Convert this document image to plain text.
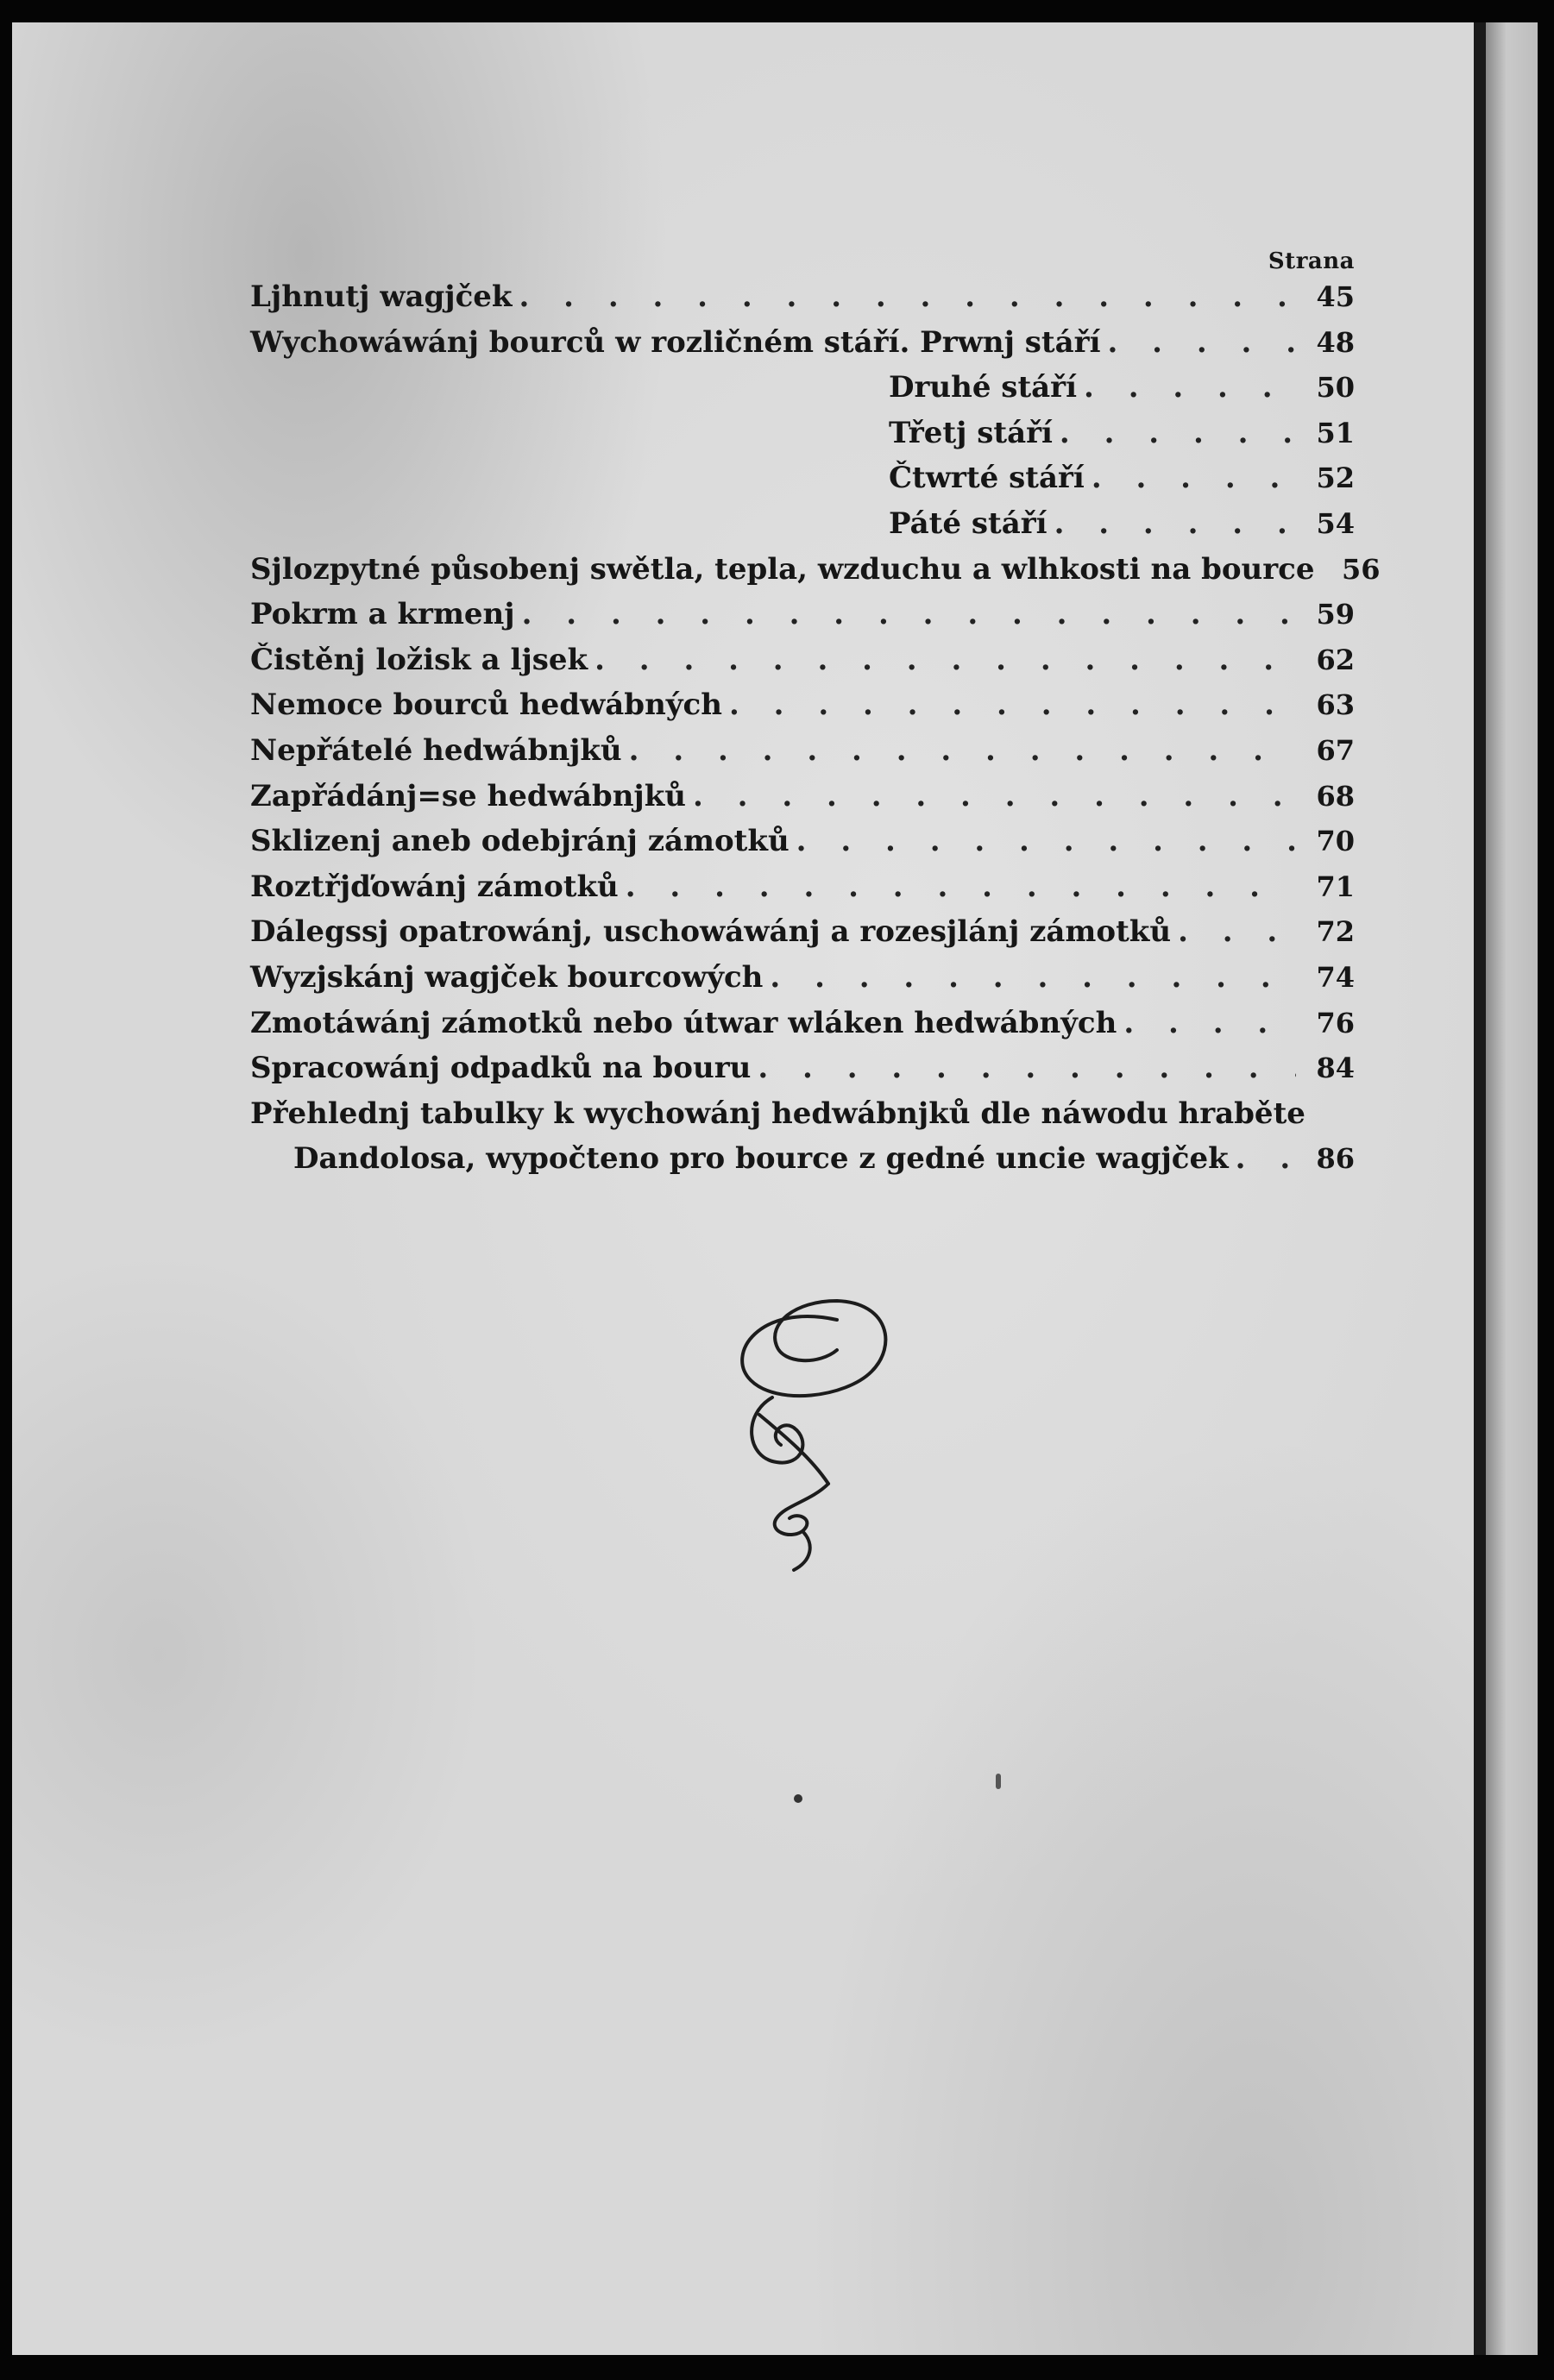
Strana
Ljhnutj wagjček . . .	45
Wychowáwánj bourců w rozličném stáří. Prwnj stáří . . .	48
Druhé stáří . . .	50
Třetj stáří . . .	51
Čtwrté stáří . . .	52
Páté stáří . . .	54
Sjlozpytné působenj swětla, tepla, wzduchu a wlhkosti na bource 56
Pokrm a krmenj . . .	59
Čistěnj ložisk a ljsek . . .	62
Nemoce bourců hedwábných . . .	63
Nepřátelé hedwábnjků . . .	67
Zapřádánj=se hedwábnjků . . .	68
Sklizenj aneb odebjránj zámotků . . .	70
Roztřjďowánj zámotků . . .	71
Dálegssj opatrowánj, uschowáwánj a rozesjlánj zámotků . . .	72
Wyzjskánj wagjček bourcowých . . .	74
Zmotáwánj zámotků nebo útwar wláken hedwábných . . .	76
Spracowánj odpadků na bouru . . .	84
Přehlednj tabulky k wychowánj hedwábnjků dle náwodu hraběte
Dandolosa, wypočteno pro bource z gedné uncie wagjček . . .	86
